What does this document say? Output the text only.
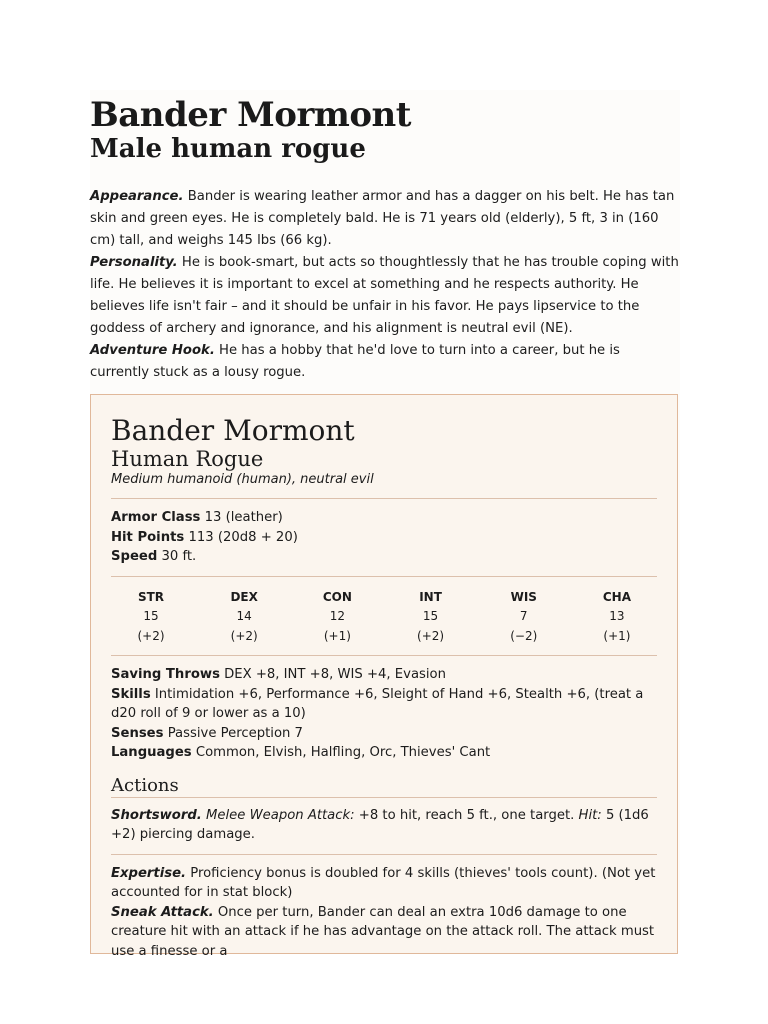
Bander Mormont
Male human rogue

Appearance. Bander is wearing leather armor and has a dagger on his belt. He has tan skin and green eyes. He is completely bald. He is 71 years old (elderly), 5 ft, 3 in (160 cm) tall, and weighs 145 lbs (66 kg).

Personality. He is book-smart, but acts so thoughtlessly that he has trouble coping with life. He believes it is important to excel at something and he respects authority. He believes life isn't fair – and it should be unfair in his favor. He pays lipservice to the goddess of archery and ignorance, and his alignment is neutral evil (NE).

Adventure Hook. He has a hobby that he'd love to turn into a career, but he is currently stuck as a lousy rogue.

Bander Mormont
Human Rogue
Medium humanoid (human), neutral evil
Armor Class 13 (leather)
Hit Points 113 (20d8 + 20)
Speed 30 ft.
STR
15
(+2)
DEX
14
(+2)
CON
12
(+1)
INT
15
(+2)
WIS
7
(−2)
CHA
13
(+1)
Saving Throws DEX +8, INT +8, WIS +4, Evasion
Skills Intimidation +6, Performance +6, Sleight of Hand +6, Stealth +6, (treat a d20 roll of 9 or lower as a 10)
Senses Passive Perception 7
Languages Common, Elvish, Halfling, Orc, Thieves' Cant
Actions
Shortsword. Melee Weapon Attack: +8 to hit, reach 5 ft., one target. Hit: 5 (1d6 +2) piercing damage.
Expertise. Proficiency bonus is doubled for 4 skills (thieves' tools count). (Not yet accounted for in stat block)
Sneak Attack. Once per turn, Bander can deal an extra 10d6 damage to one creature hit with an attack if he has advantage on the attack roll. The attack must use a finesse or a
